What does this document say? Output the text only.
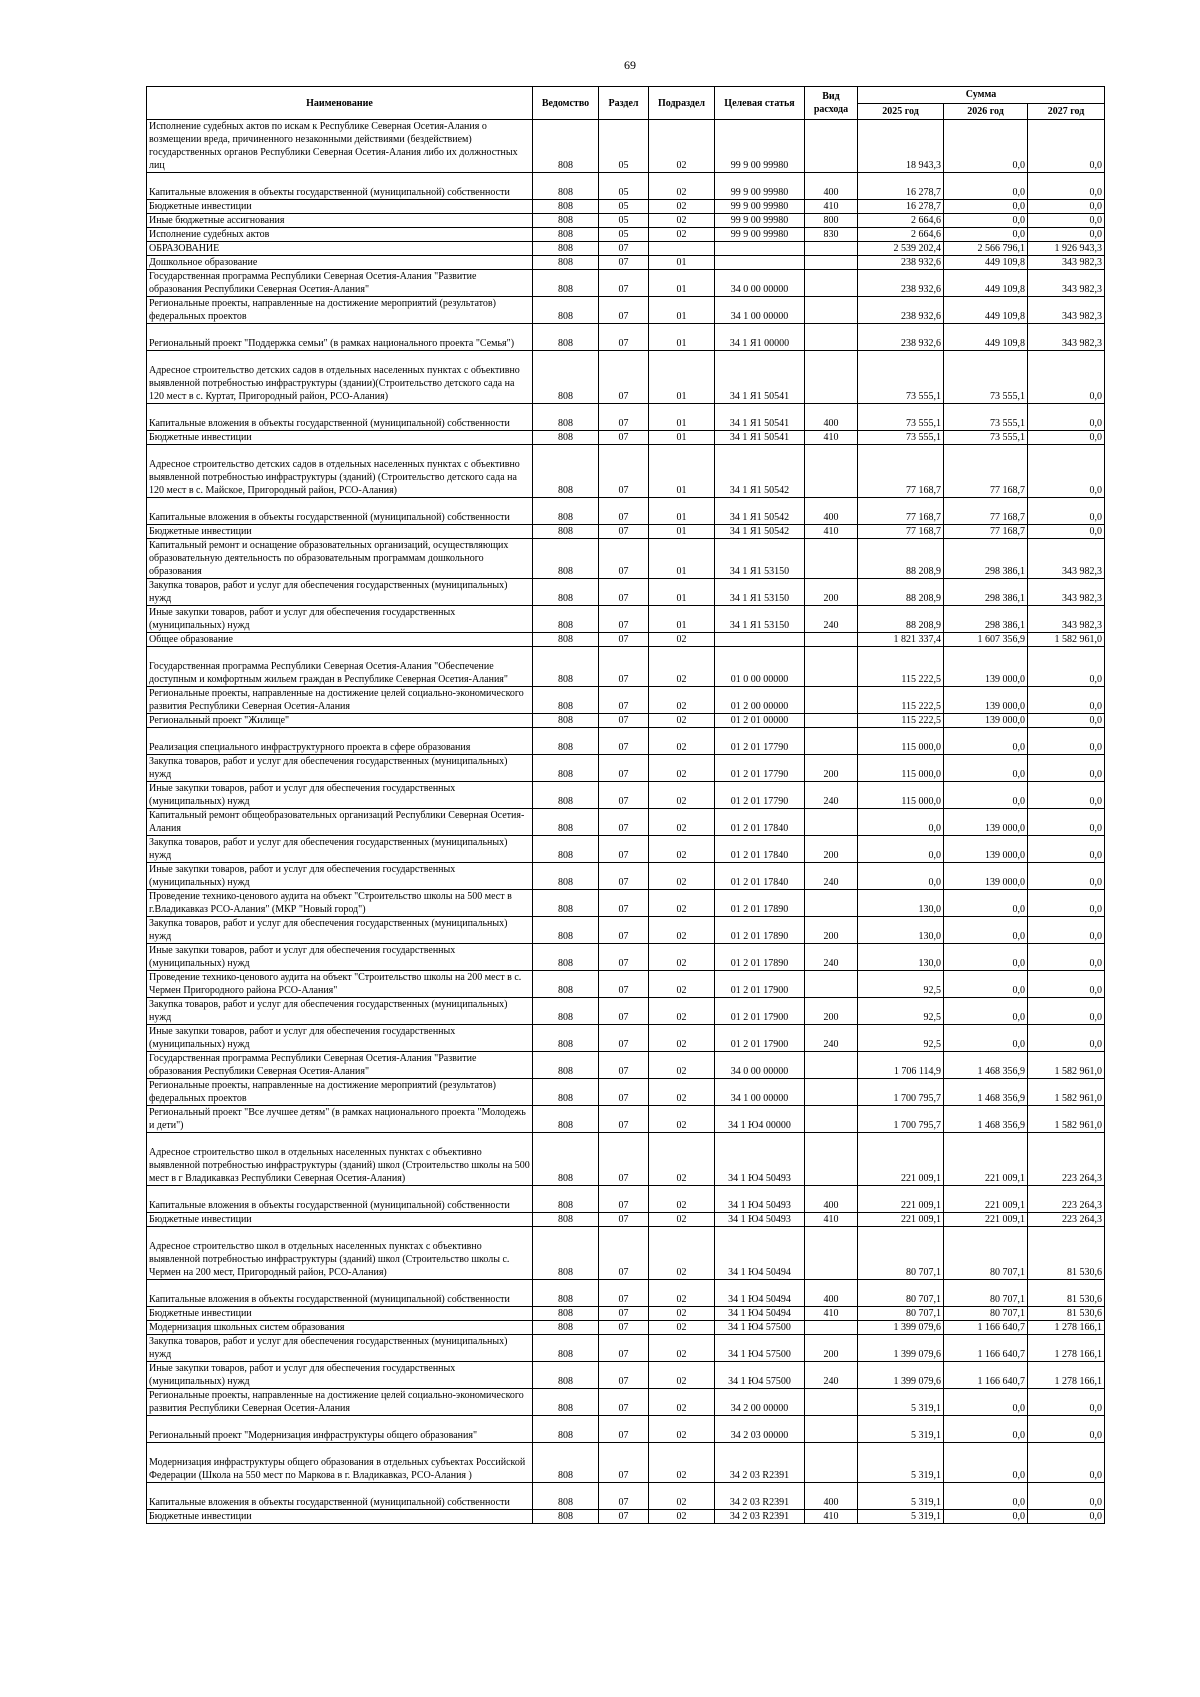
69
Наименование	Ведомство	Раздел	Подраздел	Целевая статья	Вид расхода	Сумма		
						2025 год	2026 год	2027 год
Исполнение судебных актов по искам к Республике Северная Осетия-Алания о возмещении вреда, причиненного незаконными действиями (бездействием) государственных органов Республики Северная Осетия-Алания либо их должностных лиц	808	05	02	99 9 00 99980		18 943,3	0,0	0,0
Капитальные вложения в объекты государственной (муниципальной) собственности	808	05	02	99 9 00 99980	400	16 278,7	0,0	0,0
Бюджетные инвестиции	808	05	02	99 9 00 99980	410	16 278,7	0,0	0,0
Иные бюджетные ассигнования	808	05	02	99 9 00 99980	800	2 664,6	0,0	0,0
Исполнение судебных актов	808	05	02	99 9 00 99980	830	2 664,6	0,0	0,0
ОБРАЗОВАНИЕ	808	07				2 539 202,4	2 566 796,1	1 926 943,3
Дошкольное образование	808	07	01			238 932,6	449 109,8	343 982,3
Государственная программа Республики Северная Осетия-Алания "Развитие образования Республики Северная Осетия-Алания"	808	07	01	34 0 00 00000		238 932,6	449 109,8	343 982,3
Региональные проекты, направленные на достижение мероприятий (результатов) федеральных проектов	808	07	01	34 1 00 00000		238 932,6	449 109,8	343 982,3
Региональный проект "Поддержка семьи" (в рамках национального проекта "Семья")	808	07	01	34 1 Я1 00000		238 932,6	449 109,8	343 982,3
Адресное строительство детских садов в отдельных населенных пунктах с объективно выявленной потребностью инфраструктуры (здании)(Строительство детского сада на 120 мест в с. Куртат, Пригородный район, РСО-Алания)	808	07	01	34 1 Я1 50541		73 555,1	73 555,1	0,0
Капитальные вложения в объекты государственной (муниципальной) собственности	808	07	01	34 1 Я1 50541	400	73 555,1	73 555,1	0,0
Бюджетные инвестиции	808	07	01	34 1 Я1 50541	410	73 555,1	73 555,1	0,0
Адресное строительство детских садов в отдельных населенных пунктах с объективно выявленной потребностью инфраструктуры (зданий) (Строительство детского сада на 120 мест в с. Майское, Пригородный район, РСО-Алания)	808	07	01	34 1 Я1 50542		77 168,7	77 168,7	0,0
Капитальные вложения в объекты государственной (муниципальной) собственности	808	07	01	34 1 Я1 50542	400	77 168,7	77 168,7	0,0
Бюджетные инвестиции	808	07	01	34 1 Я1 50542	410	77 168,7	77 168,7	0,0
Капитальный ремонт и оснащение образовательных организаций, осуществляющих образовательную деятельность по образовательным программам дошкольного образования	808	07	01	34 1 Я1 53150		88 208,9	298 386,1	343 982,3
Закупка товаров, работ и услуг для обеспечения государственных (муниципальных) нужд	808	07	01	34 1 Я1 53150	200	88 208,9	298 386,1	343 982,3
Иные закупки товаров, работ и услуг для обеспечения государственных (муниципальных) нужд	808	07	01	34 1 Я1 53150	240	88 208,9	298 386,1	343 982,3
Общее образование	808	07	02			1 821 337,4	1 607 356,9	1 582 961,0
Государственная программа Республики Северная Осетия-Алания "Обеспечение доступным и комфортным жильем граждан в Республике Северная Осетия-Алания"	808	07	02	01 0 00 00000		115 222,5	139 000,0	0,0
Региональные проекты, направленные на достижение целей социально-экономического развития Республики Северная Осетия-Алания	808	07	02	01 2 00 00000		115 222,5	139 000,0	0,0
Региональный проект "Жилище"	808	07	02	01 2 01 00000		115 222,5	139 000,0	0,0
Реализация специального инфраструктурного проекта в сфере образования	808	07	02	01 2 01 17790		115 000,0	0,0	0,0
Закупка товаров, работ и услуг для обеспечения государственных (муниципальных) нужд	808	07	02	01 2 01 17790	200	115 000,0	0,0	0,0
Иные закупки товаров, работ и услуг для обеспечения государственных (муниципальных) нужд	808	07	02	01 2 01 17790	240	115 000,0	0,0	0,0
Капитальный ремонт общеобразовательных организаций Республики Северная Осетия-Алания	808	07	02	01 2 01 17840		0,0	139 000,0	0,0
Закупка товаров, работ и услуг для обеспечения государственных (муниципальных) нужд	808	07	02	01 2 01 17840	200	0,0	139 000,0	0,0
Иные закупки товаров, работ и услуг для обеспечения государственных (муниципальных) нужд	808	07	02	01 2 01 17840	240	0,0	139 000,0	0,0
Проведение технико-ценового аудита на объект "Строительство школы на 500 мест в г.Владикавказ РСО-Алания" (МКР "Новый город")	808	07	02	01 2 01 17890		130,0	0,0	0,0
Закупка товаров, работ и услуг для обеспечения государственных (муниципальных) нужд	808	07	02	01 2 01 17890	200	130,0	0,0	0,0
Иные закупки товаров, работ и услуг для обеспечения государственных (муниципальных) нужд	808	07	02	01 2 01 17890	240	130,0	0,0	0,0
Проведение технико-ценового аудита на объект "Строительство школы на 200 мест в с. Чермен Пригородного района РСО-Алания"	808	07	02	01 2 01 17900		92,5	0,0	0,0
Закупка товаров, работ и услуг для обеспечения государственных (муниципальных) нужд	808	07	02	01 2 01 17900	200	92,5	0,0	0,0
Иные закупки товаров, работ и услуг для обеспечения государственных (муниципальных) нужд	808	07	02	01 2 01 17900	240	92,5	0,0	0,0
Государственная программа Республики Северная Осетия-Алания "Развитие образования Республики Северная Осетия-Алания"	808	07	02	34 0 00 00000		1 706 114,9	1 468 356,9	1 582 961,0
Региональные проекты, направленные на достижение мероприятий (результатов) федеральных проектов	808	07	02	34 1 00 00000		1 700 795,7	1 468 356,9	1 582 961,0
Региональный проект "Все лучшее детям" (в рамках национального проекта "Молодежь и дети")	808	07	02	34 1 Ю4 00000		1 700 795,7	1 468 356,9	1 582 961,0
Адресное строительство школ в отдельных населенных пунктах с объективно выявленной потребностью инфраструктуры (зданий) школ (Строительство школы на 500 мест в г Владикавказ Республики Северная Осетия-Алания)	808	07	02	34 1 Ю4 50493		221 009,1	221 009,1	223 264,3
Капитальные вложения в объекты государственной (муниципальной) собственности	808	07	02	34 1 Ю4 50493	400	221 009,1	221 009,1	223 264,3
Бюджетные инвестиции	808	07	02	34 1 Ю4 50493	410	221 009,1	221 009,1	223 264,3
Адресное строительство школ в отдельных населенных пунктах с объективно выявленной потребностью инфраструктуры (зданий) школ (Строительство школы с. Чермен на 200 мест, Пригородный район, РСО-Алания)	808	07	02	34 1 Ю4 50494		80 707,1	80 707,1	81 530,6
Капитальные вложения в объекты государственной (муниципальной) собственности	808	07	02	34 1 Ю4 50494	400	80 707,1	80 707,1	81 530,6
Бюджетные инвестиции	808	07	02	34 1 Ю4 50494	410	80 707,1	80 707,1	81 530,6
Модернизация школьных систем образования	808	07	02	34 1 Ю4 57500		1 399 079,6	1 166 640,7	1 278 166,1
Закупка товаров, работ и услуг для обеспечения государственных (муниципальных) нужд	808	07	02	34 1 Ю4 57500	200	1 399 079,6	1 166 640,7	1 278 166,1
Иные закупки товаров, работ и услуг для обеспечения государственных (муниципальных) нужд	808	07	02	34 1 Ю4 57500	240	1 399 079,6	1 166 640,7	1 278 166,1
Региональные проекты, направленные на достижение целей социально-экономического развития Республики Северная Осетия-Алания	808	07	02	34 2 00 00000		5 319,1	0,0	0,0
Региональный проект "Модернизация инфраструктуры общего образования"	808	07	02	34 2 03 00000		5 319,1	0,0	0,0
Модернизация инфраструктуры общего образования в отдельных субъектах Российской Федерации (Школа на 550 мест по Маркова в г. Владикавказ, РСО-Алания )	808	07	02	34 2 03 R2391		5 319,1	0,0	0,0
Капитальные вложения в объекты государственной (муниципальной) собственности	808	07	02	34 2 03 R2391	400	5 319,1	0,0	0,0
Бюджетные инвестиции	808	07	02	34 2 03 R2391	410	5 319,1	0,0	0,0
